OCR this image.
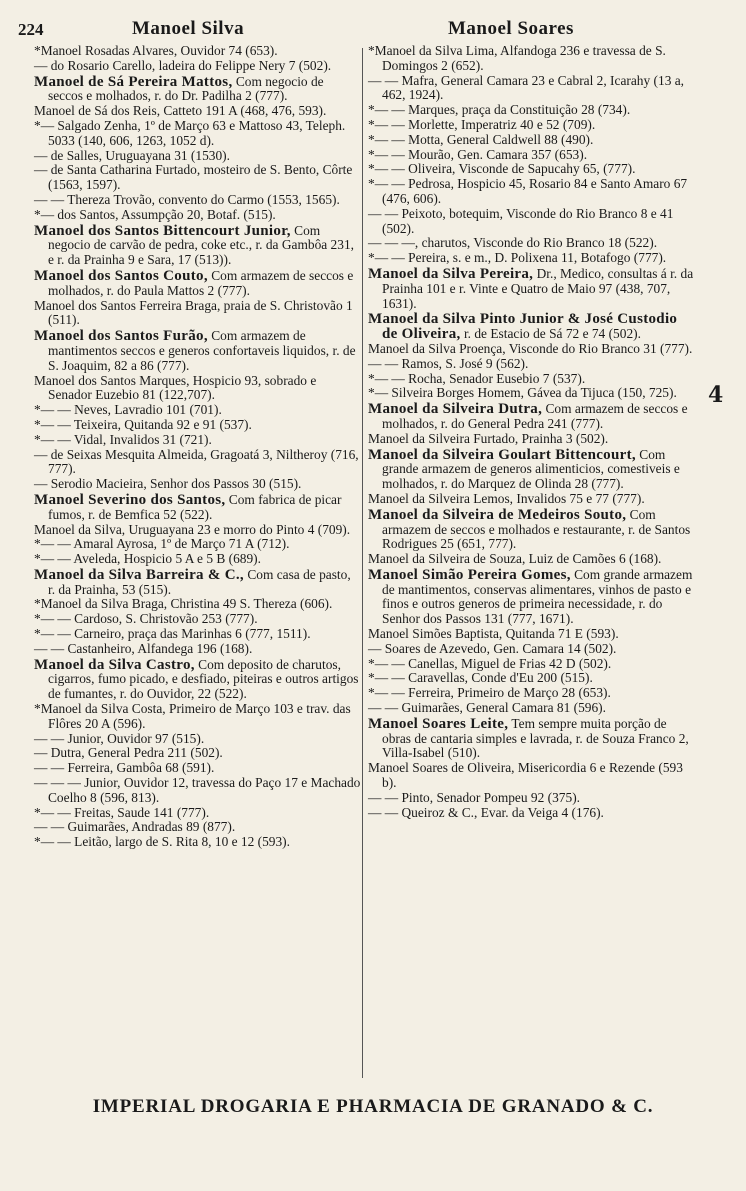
224	Manoel Silva	Manoel Soares
*Manoel Rosadas Alvares, Ouvidor 74 (653).
— do Rosario Carello, ladeira do Felippe Nery 7 (502).
Manoel de Sá Pereira Mattos, Com negocio de seccos e molhados, r. do Dr. Padilha 2 (777).
Manoel de Sá dos Reis, Catteto 191 A (468, 476, 593).
*— Salgado Zenha, 1º de Março 63 e Mattoso 43, Teleph. 5033 (140, 606, 1263, 1052 d).
— de Salles, Uruguayana 31 (1530).
— de Santa Catharina Furtado, mosteiro de S. Bento, Côrte (1563, 1597).
— — Thereza Trovão, convento do Carmo (1553, 1565).
*— dos Santos, Assumpção 20, Botaf. (515).
Manoel dos Santos Bittencourt Junior, Com negocio de carvão de pedra, coke etc., r. da Gambôa 231, e r. da Prainha 9 e Sara, 17 (513)).
Manoel dos Santos Couto, Com armazem de seccos e molhados, r. do Paula Mattos 2 (777).
Manoel dos Santos Ferreira Braga, praia de S. Christovão 1 (511).
Manoel dos Santos Furão, Com armazem de mantimentos seccos e generos confortaveis liquidos, r. de S. Joaquim, 82 a 86 (777).
Manoel dos Santos Marques, Hospicio 93, sobrado e Senador Euzebio 81 (122,707).
*— — Neves, Lavradio 101 (701).
*— — Teixeira, Quitanda 92 e 91 (537).
*— — Vidal, Invalidos 31 (721).
— de Seixas Mesquita Almeida, Gragoatá 3, Niltheroy (716, 777).
— Serodio Macieira, Senhor dos Passos 30 (515).
Manoel Severino dos Santos, Com fabrica de picar fumos, r. de Bemfica 52 (522).
Manoel da Silva, Uruguayana 23 e morro do Pinto 4 (709).
*— — Amaral Ayrosa, 1º de Março 71 A (712).
*— — Aveleda, Hospicio 5 A e 5 B (689).
Manoel da Silva Barreira & C., Com casa de pasto, r. da Prainha, 53 (515).
*Manoel da Silva Braga, Christina 49 S. Thereza (606).
*— — Cardoso, S. Christovão 253 (777).
*— — Carneiro, praça das Marinhas 6 (777, 1511).
— — Castanheiro, Alfandega 196 (168).
Manoel da Silva Castro, Com deposito de charutos, cigarros, fumo picado, e desfiado, piteiras e outros artigos de fumantes, r. do Ouvidor, 22 (522).
*Manoel da Silva Costa, Primeiro de Março 103 e trav. das Flôres 20 A (596).
— — Junior, Ouvidor 97 (515).
— Dutra, General Pedra 211 (502).
— — Ferreira, Gambôa 68 (591).
— — — Junior, Ouvidor 12, travessa do Paço 17 e Machado Coelho 8 (596, 813).
*— — Freitas, Saude 141 (777).
— — Guimarães, Andradas 89 (877).
*— — Leitão, largo de S. Rita 8, 10 e 12 (593).
*Manoel da Silva Lima, Alfandoga 236 e travessa de S. Domingos 2 (652).
— — Mafra, General Camara 23 e Cabral 2, Icarahy (13 a, 462, 1924).
*— — Marques, praça da Constituição 28 (734).
*— — Morlette, Imperatriz 40 e 52 (709).
*— — Motta, General Caldwell 88 (490).
*— — Mourão, Gen. Camara 357 (653).
*— — Oliveira, Visconde de Sapucahy 65, (777).
*— — Pedrosa, Hospicio 45, Rosario 84 e Santo Amaro 67 (476, 606).
— — Peixoto, botequim, Visconde do Rio Branco 8 e 41 (502).
— — —, charutos, Visconde do Rio Branco 18 (522).
*— — Pereira, s. e m., D. Polixena 11, Botafogo (777).
Manoel da Silva Pereira, Dr., Medico, consultas á r. da Prainha 101 e r. Vinte e Quatro de Maio 97 (438, 707, 1631).
Manoel da Silva Pinto Junior & José Custodio de Oliveira, r. de Estacio de Sá 72 e 74 (502).
Manoel da Silva Proença, Visconde do Rio Branco 31 (777).
— — Ramos, S. José 9 (562).
*— — Rocha, Senador Eusebio 7 (537).
*— Silveira Borges Homem, Gávea da Tijuca (150, 725).
Manoel da Silveira Dutra, Com armazem de seccos e molhados, r. do General Pedra 241 (777).
Manoel da Silveira Furtado, Prainha 3 (502).
Manoel da Silveira Goulart Bittencourt, Com grande armazem de generos alimenticios, comestiveis e molhados, r. do Marquez de Olinda 28 (777).
Manoel da Silveira Lemos, Invalidos 75 e 77 (777).
Manoel da Silveira de Medeiros Souto, Com armazem de seccos e molhados e restaurante, r. de Santos Rodrigues 25 (651, 777).
Manoel da Silveira de Souza, Luiz de Camões 6 (168).
Manoel Simão Pereira Gomes, Com grande armazem de mantimentos, conservas alimentares, vinhos de pasto e finos e outros generos de primeira necessidade, r. do Senhor dos Passos 131 (777, 1671).
Manoel Simões Baptista, Quitanda 71 E (593).
— Soares de Azevedo, Gen. Camara 14 (502).
*— — Canellas, Miguel de Frias 42 D (502).
*— — Caravellas, Conde d'Eu 200 (515).
*— — Ferreira, Primeiro de Março 28 (653).
— — Guimarães, General Camara 81 (596).
Manoel Soares Leite, Tem sempre muita porção de obras de cantaria simples e lavrada, r. de Souza Franco 2, Villa-Isabel (510).
Manoel Soares de Oliveira, Misericordia 6 e Rezende (593 b).
— — Pinto, Senador Pompeu 92 (375).
— — Queiroz & C., Evar. da Veiga 4 (176).
4
IMPERIAL DROGARIA E PHARMACIA DE GRANADO & C.
